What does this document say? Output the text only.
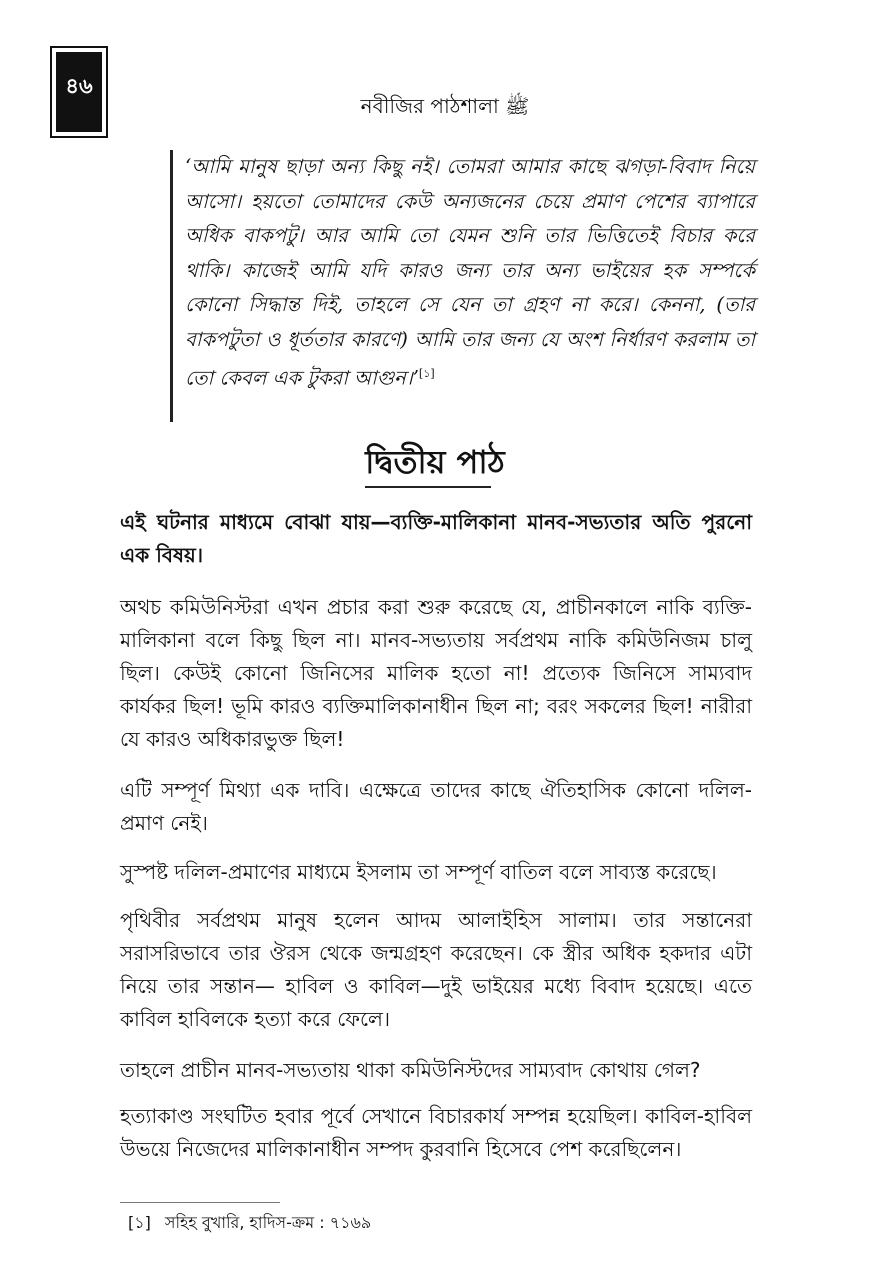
৪৬
নবীজির পাঠশালা ﷺ
‘আমি মানুষ ছাড়া অন্য কিছু নই। তোমরা আমার কাছে ঝগড়া-বিবাদ নিয়ে আসো। হয়তো তোমাদের কেউ অন্যজনের চেয়ে প্রমাণ পেশের ব্যাপারে অধিক বাকপটু। আর আমি তো যেমন শুনি তার ভিত্তিতেই বিচার করে থাকি। কাজেই আমি যদি কারও জন্য তার অন্য ভাইয়ের হক সম্পর্কে কোনো সিদ্ধান্ত দিই, তাহলে সে যেন তা গ্রহণ না করে। কেননা, (তার বাকপটুতা ও ধূর্ততার কারণে) আমি তার জন্য যে অংশ নির্ধারণ করলাম তা তো কেবল এক টুকরা আগুন।’[১]
দ্বিতীয় পাঠ
এই ঘটনার মাধ্যমে বোঝা যায়—ব্যক্তি-মালিকানা মানব-সভ্যতার অতি পুরনো এক বিষয়।
অথচ কমিউনিস্টরা এখন প্রচার করা শুরু করেছে যে, প্রাচীনকালে নাকি ব্যক্তি-মালিকানা বলে কিছু ছিল না। মানব-সভ্যতায় সর্বপ্রথম নাকি কমিউনিজম চালু ছিল। কেউই কোনো জিনিসের মালিক হতো না! প্রত্যেক জিনিসে সাম্যবাদ কার্যকর ছিল! ভূমি কারও ব্যক্তিমালিকানাধীন ছিল না; বরং সকলের ছিল! নারীরা যে কারও অধিকারভুক্ত ছিল!
এটি সম্পূর্ণ মিথ্যা এক দাবি। এক্ষেত্রে তাদের কাছে ঐতিহাসিক কোনো দলিল-প্রমাণ নেই।
সুস্পষ্ট দলিল-প্রমাণের মাধ্যমে ইসলাম তা সম্পূর্ণ বাতিল বলে সাব্যস্ত করেছে।
পৃথিবীর সর্বপ্রথম মানুষ হলেন আদম আলাইহিস সালাম। তার সন্তানেরা সরাসরিভাবে তার ঔরস থেকে জন্মগ্রহণ করেছেন। কে স্ত্রীর অধিক হকদার এটা নিয়ে তার সন্তান— হাবিল ও কাবিল—দুই ভাইয়ের মধ্যে বিবাদ হয়েছে। এতে কাবিল হাবিলকে হত্যা করে ফেলে।
তাহলে প্রাচীন মানব-সভ্যতায় থাকা কমিউনিস্টদের সাম্যবাদ কোথায় গেল?
হত্যাকাণ্ড সংঘটিত হবার পূর্বে সেখানে বিচারকার্য সম্পন্ন হয়েছিল। কাবিল-হাবিল উভয়ে নিজেদের মালিকানাধীন সম্পদ কুরবানি হিসেবে পেশ করেছিলেন।
[১] সহিহ বুখারি, হাদিস-ক্রম : ৭১৬৯
